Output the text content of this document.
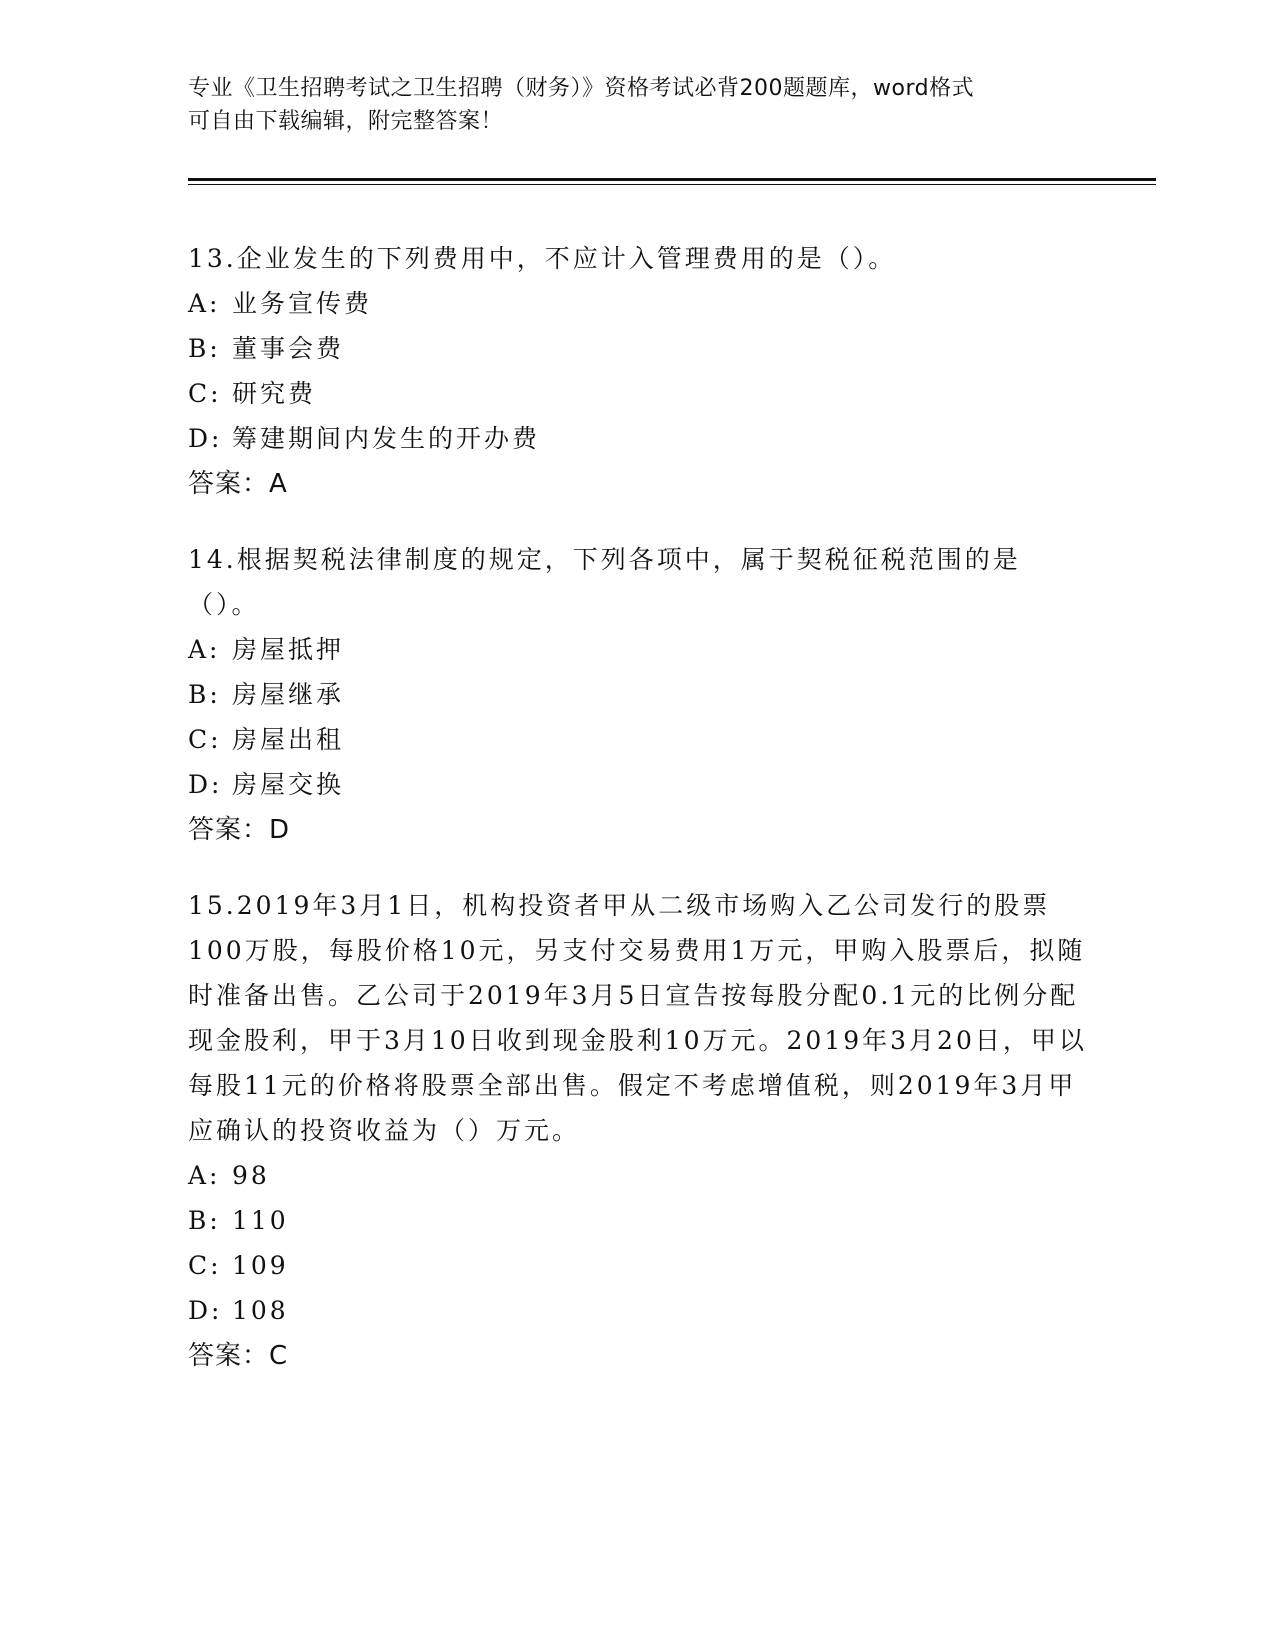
专业《卫生招聘考试之卫生招聘（财务）》资格考试必背200题题库，word格式
可自由下载编辑，附完整答案！
13.企业发生的下列费用中，不应计入管理费用的是（）。
A: 业务宣传费
B: 董事会费
C: 研究费
D: 筹建期间内发生的开办费
答案：A
14.根据契税法律制度的规定，下列各项中，属于契税征税范围的是（）。
A: 房屋抵押
B: 房屋继承
C: 房屋出租
D: 房屋交换
答案：D
15.2019年3月1日，机构投资者甲从二级市场购入乙公司发行的股票100万股，每股价格10元，另支付交易费用1万元，甲购入股票后，拟随时准备出售。乙公司于2019年3月5日宣告按每股分配0.1元的比例分配现金股利，甲于3月10日收到现金股利10万元。2019年3月20日，甲以每股11元的价格将股票全部出售。假定不考虑增值税，则2019年3月甲应确认的投资收益为（）万元。
A: 98
B: 110
C: 109
D: 108
答案：C
